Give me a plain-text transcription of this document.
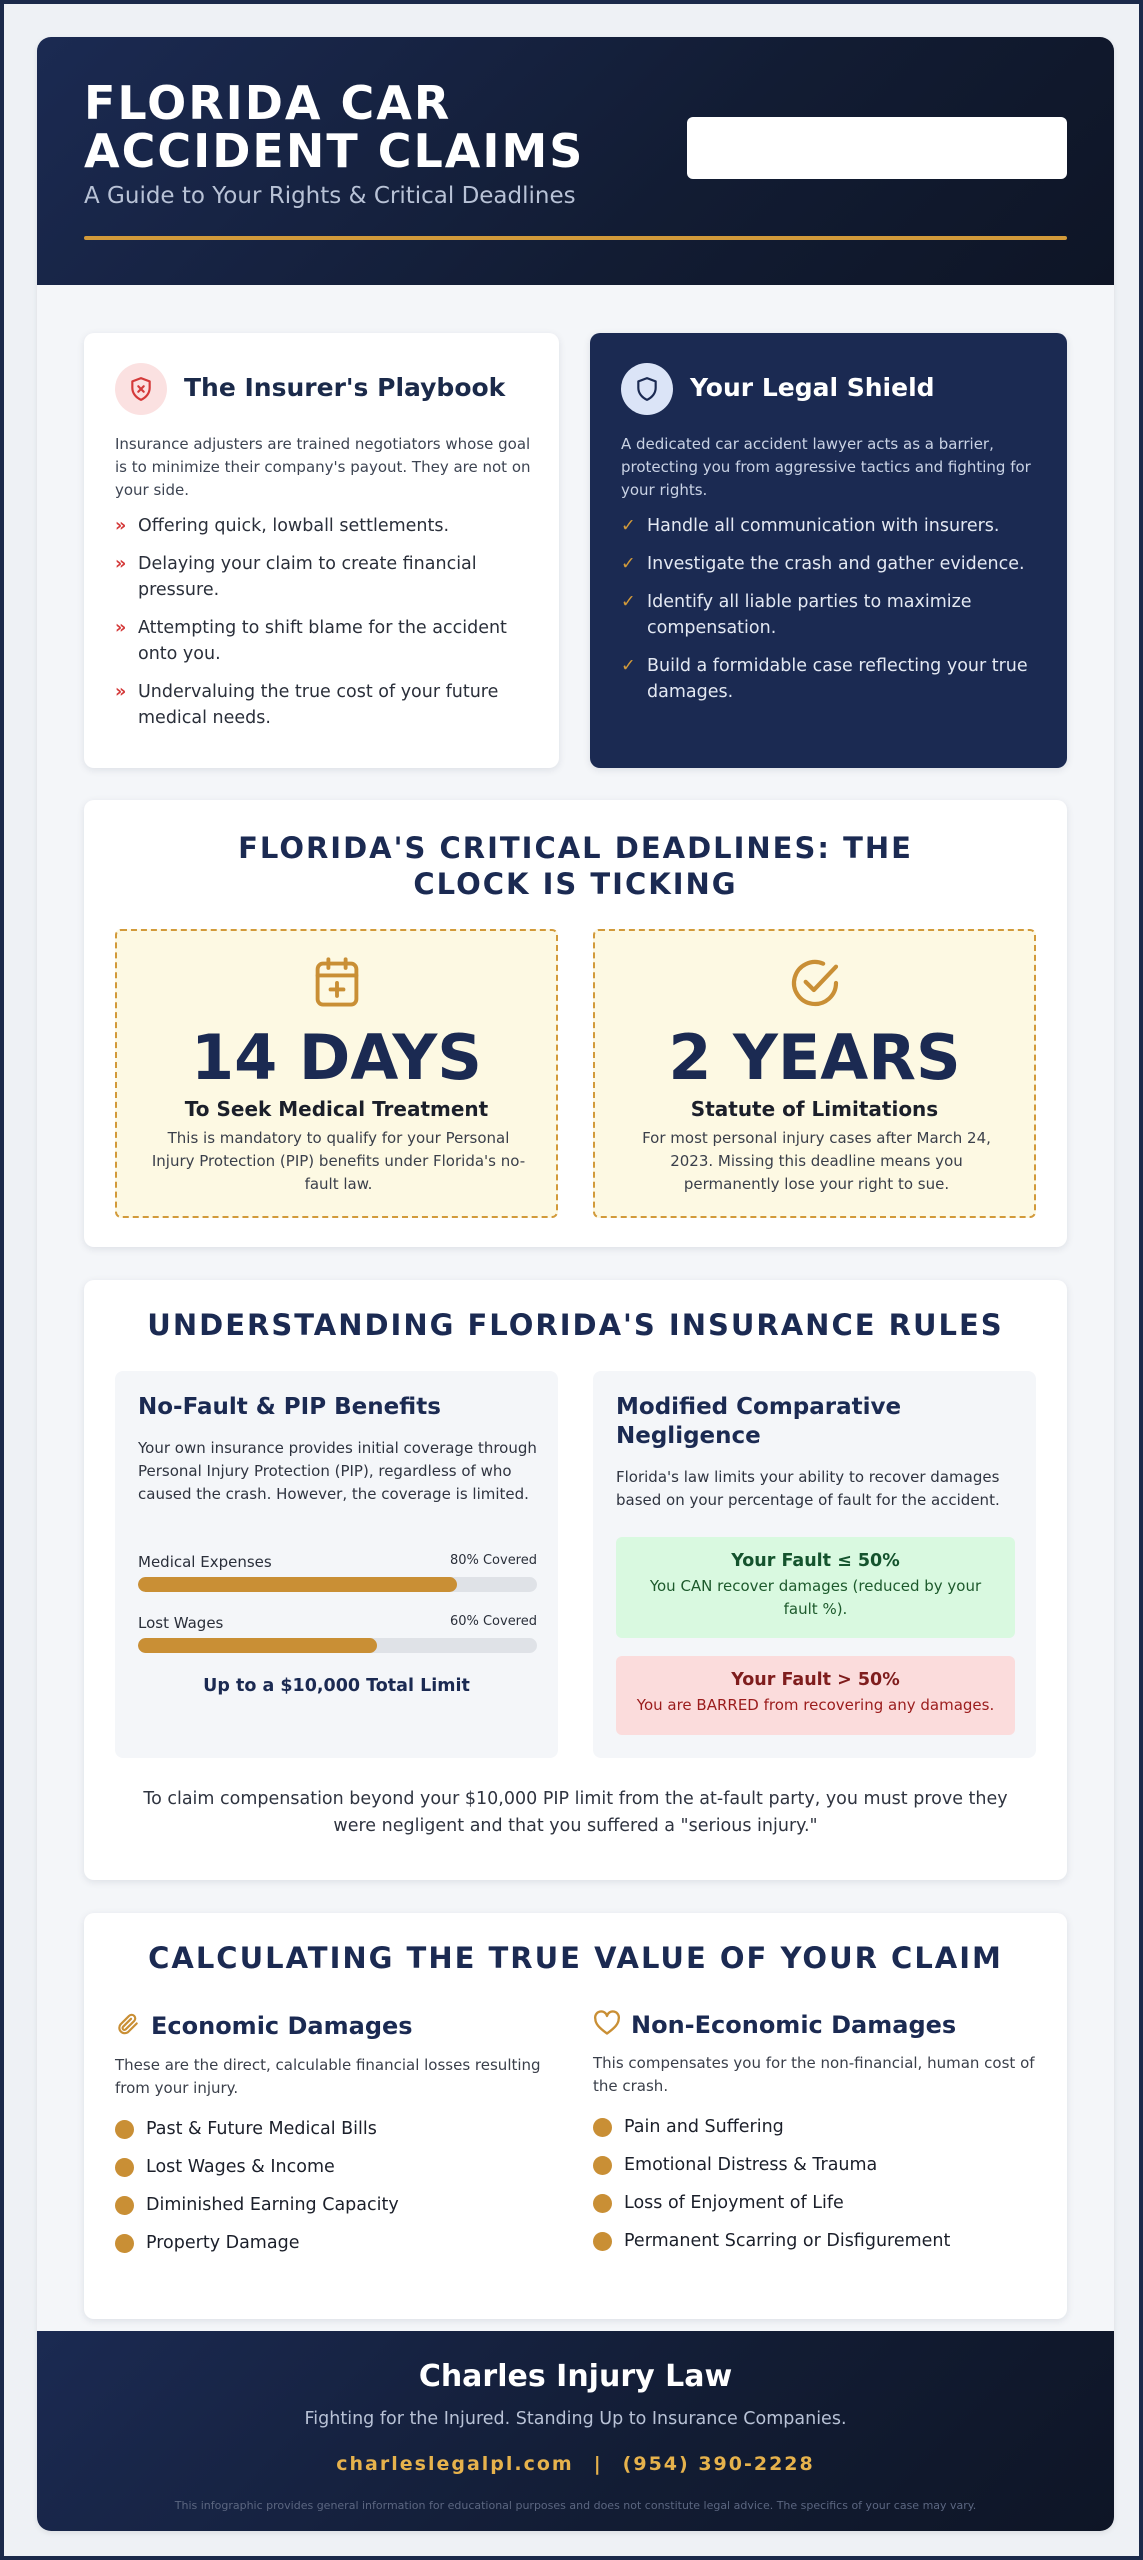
FLORIDA CAR ACCIDENT CLAIMS
A Guide to Your Rights & Critical Deadlines
The Insurer's Playbook
Insurance adjusters are trained negotiators whose goal is to minimize their company's payout. They are not on your side.
» Offering quick, lowball settlements.
» Delaying your claim to create financial pressure.
» Attempting to shift blame for the accident onto you.
» Undervaluing the true cost of your future medical needs.
Your Legal Shield
A dedicated car accident lawyer acts as a barrier, protecting you from aggressive tactics and fighting for your rights.
✓ Handle all communication with insurers.
✓ Investigate the crash and gather evidence.
✓ Identify all liable parties to maximize compensation.
✓ Build a formidable case reflecting your true damages.
FLORIDA'S CRITICAL DEADLINES: THE CLOCK IS TICKING
14 DAYS
To Seek Medical Treatment
This is mandatory to qualify for your Personal Injury Protection (PIP) benefits under Florida's no-fault law.
2 YEARS
Statute of Limitations
For most personal injury cases after March 24, 2023. Missing this deadline means you permanently lose your right to sue.
UNDERSTANDING FLORIDA'S INSURANCE RULES
No-Fault & PIP Benefits
Your own insurance provides initial coverage through Personal Injury Protection (PIP), regardless of who caused the crash. However, the coverage is limited.
Medical Expenses	80% Covered
Lost Wages	60% Covered
Up to a $10,000 Total Limit
Modified Comparative Negligence
Florida's law limits your ability to recover damages based on your percentage of fault for the accident.
Your Fault ≤ 50%
You CAN recover damages (reduced by your fault %).
Your Fault > 50%
You are BARRED from recovering any damages.
To claim compensation beyond your $10,000 PIP limit from the at-fault party, you must prove they were negligent and that you suffered a "serious injury."
CALCULATING THE TRUE VALUE OF YOUR CLAIM
Economic Damages
These are the direct, calculable financial losses resulting from your injury.
Past & Future Medical Bills
Lost Wages & Income
Diminished Earning Capacity
Property Damage
Non-Economic Damages
This compensates you for the non-financial, human cost of the crash.
Pain and Suffering
Emotional Distress & Trauma
Loss of Enjoyment of Life
Permanent Scarring or Disfigurement
Charles Injury Law
Fighting for the Injured. Standing Up to Insurance Companies.
charleslegalpl.com | (954) 390-2228
This infographic provides general information for educational purposes and does not constitute legal advice. The specifics of your case may vary.
